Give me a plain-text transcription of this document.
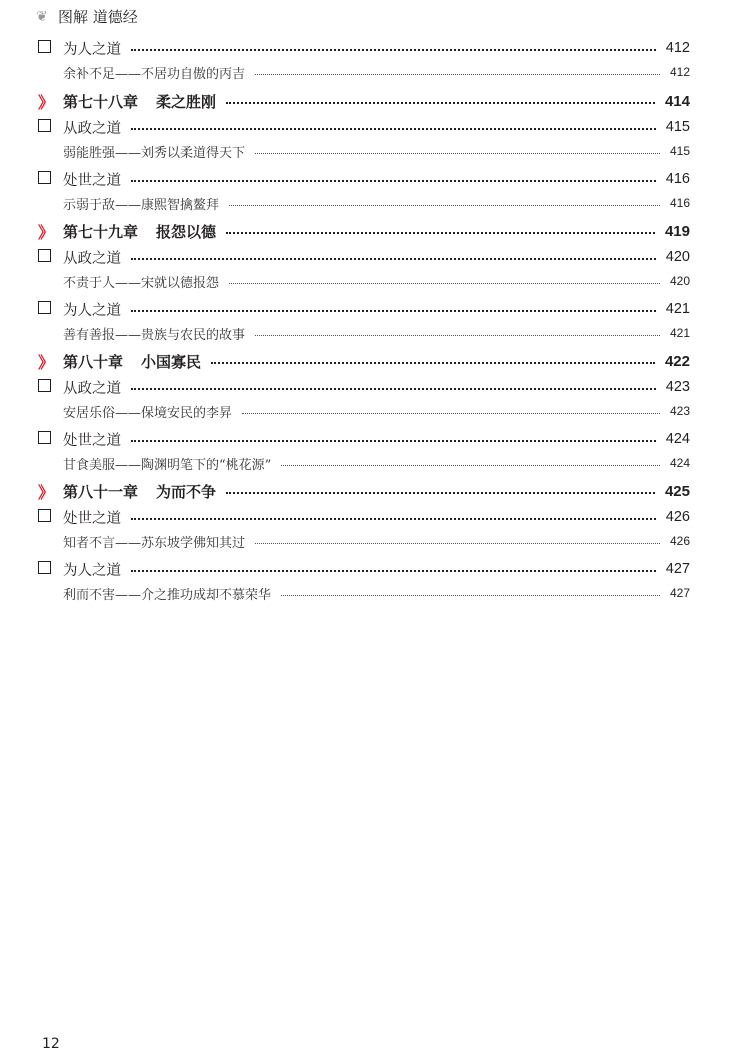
❦ 图解 道德经
为人之道	412
余补不足——不居功自傲的丙吉	412
》 第七十八章 柔之胜刚	414
从政之道	415
弱能胜强——刘秀以柔道得天下	415
处世之道	416
示弱于敌——康熙智擒鳌拜	416
》 第七十九章 报怨以德	419
从政之道	420
不责于人——宋就以德报怨	420
为人之道	421
善有善报——贵族与农民的故事	421
》 第八十章 小国寡民	422
从政之道	423
安居乐俗——保境安民的李昇	423
处世之道	424
甘食美服——陶渊明笔下的“桃花源”	424
》 第八十一章 为而不争	425
处世之道	426
知者不言——苏东坡学佛知其过	426
为人之道	427
利而不害——介之推功成却不慕荣华	427
12
